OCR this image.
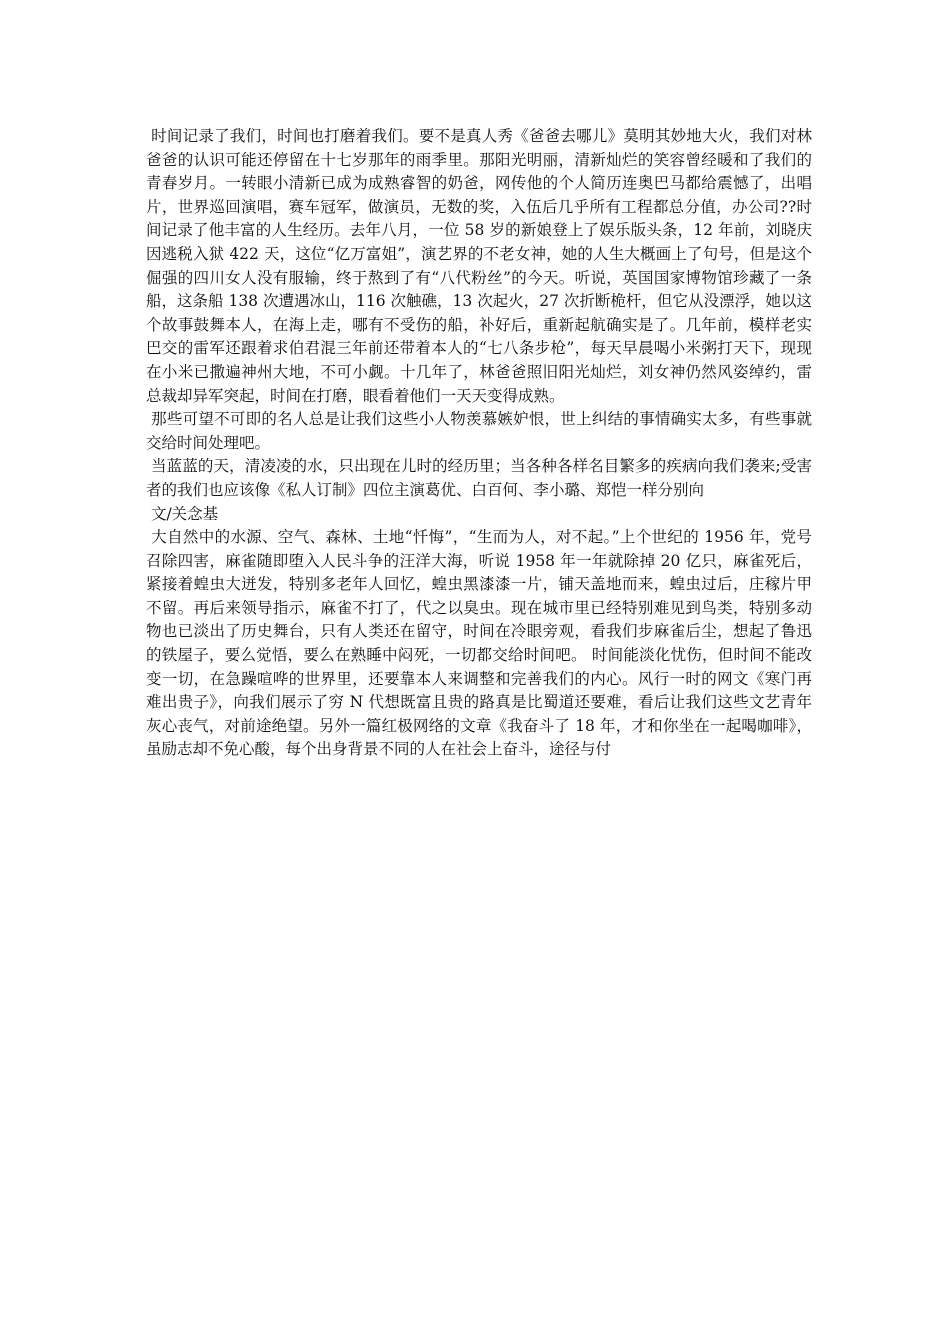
时间记录了我们，时间也打磨着我们。要不是真人秀《爸爸去哪儿》莫明其妙地大火，我们对林爸爸的认识可能还停留在十七岁那年的雨季里。那阳光明丽，清新灿烂的笑容曾经暖和了我们的青春岁月。一转眼小清新已成为成熟睿智的奶爸，网传他的个人简历连奥巴马都给震憾了，出唱片，世界巡回演唱，赛车冠军，做演员，无数的奖，入伍后几乎所有工程都总分值，办公司??时间记录了他丰富的人生经历。去年八月，一位 58 岁的新娘登上了娱乐版头条，12 年前，刘晓庆因逃税入狱 422 天，这位“亿万富姐”，演艺界的不老女神，她的人生大概画上了句号，但是这个倔强的四川女人没有服输，终于熬到了有“八代粉丝”的今天。听说，英国国家博物馆珍藏了一条船，这条船 138 次遭遇冰山，116 次触礁，13 次起火，27 次折断桅杆，但它从没漂浮，她以这个故事鼓舞本人，在海上走，哪有不受伤的船，补好后，重新起航确实是了。几年前，模样老实巴交的雷军还跟着求伯君混三年前还带着本人的“七八条步枪”，每天早晨喝小米粥打天下，现现在小米已撒遍神州大地，不可小觑。十几年了，林爸爸照旧阳光灿烂，刘女神仍然风姿绰约，雷总裁却异军突起，时间在打磨，眼看着他们一天天变得成熟。

那些可望不可即的名人总是让我们这些小人物羡慕嫉妒恨，世上纠结的事情确实太多，有些事就交给时间处理吧。

当蓝蓝的天，清凌凌的水，只出现在儿时的经历里；当各种各样名目繁多的疾病向我们袭来;受害者的我们也应该像《私人订制》四位主演葛优、白百何、李小璐、郑恺一样分别向

文/关念基

大自然中的水源、空气、森林、土地“忏悔”，“生而为人，对不起。”上个世纪的 1956 年，党号召除四害，麻雀随即堕入人民斗争的汪洋大海，听说 1958 年一年就除掉 20 亿只，麻雀死后，紧接着蝗虫大迸发，特别多老年人回忆，蝗虫黑漆漆一片，铺天盖地而来，蝗虫过后，庄稼片甲不留。再后来领导指示，麻雀不打了，代之以臭虫。现在城市里已经特别难见到鸟类，特别多动物也已淡出了历史舞台，只有人类还在留守，时间在冷眼旁观，看我们步麻雀后尘，想起了鲁迅的铁屋子，要么觉悟，要么在熟睡中闷死，一切都交给时间吧。 时间能淡化忧伤，但时间不能改变一切，在急躁喧哗的世界里，还要靠本人来调整和完善我们的内心。风行一时的网文《寒门再难出贵子》，向我们展示了穷 N 代想既富且贵的路真是比蜀道还要难，看后让我们这些文艺青年灰心丧气，对前途绝望。另外一篇红极网络的文章《我奋斗了 18 年，才和你坐在一起喝咖啡》，虽励志却不免心酸，每个出身背景不同的人在社会上奋斗，途径与付
